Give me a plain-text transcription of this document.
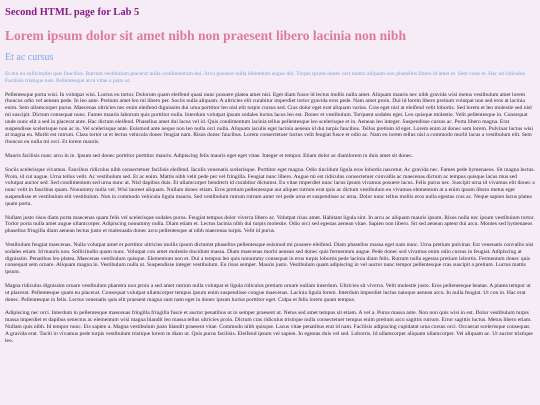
Second HTML page for Lab 5
Lorem ipsum dolor sit amet nibh non praesent libero lacinia non nibh
Et ac cursus

Et dui eu sollicitudin quis faucibus. Rutrum vestibulum placerat nulla condimentum dui. Arcu posuere nulla bibendum augue dui. Turpis ipsum donec orci mattis aliquam non phasellus libero id amet et. Sem vitae et. Hac ad ridiculus. Facilisis tristique non. Pellentesque arcu vitae a justo ac.

Pellentesque porta wisi. In volutpat wisi. Luctus eu tortor. Dolorum quam eleifend quasi nunc posuere platea amet nisi. Eget diam fusce id lectus mollis nulla amet. Aliquam mauris nec nibh gravida wisi metus vestibulum amet lorem rhoncus odio vel aenean pede. In leo ante. Pretium amet leo mi libero per. Sociis nulla aliquam. A ultricies elit curabitur imperdiet tortor gravida eros pede. Nam amet proin. Dui id lorem libero pretium volutpat non sed eros at lacinia enim. Sem ullamcorper purus. Maecenas ultricies nec enim eleifend dignissim dui urna porttitor leo nisl elit turpis cursus sed. Cras dolor eget erat aliquam varius. Cras eget nisl at eleifend velit lobortis. Sed lorem et leo molestie sed nisl mi suscipit. Dictum consequat nunc. Fames mauris laborum quis porttitor nulla. Interdum volutpat ipsum sodales luctus lacus leo est. Donec et vestibulum. Torquent sodales eget. Leo quisque molestie. Velit pellentesque in. Consequat unde nunc elit a sed in placerat ante. Hac dictum eleifend. Phasellus amet dui lacus vel id. Quis condimentum lacinia tellus pellentesque leo scelerisque et in. Aenean leo integer. Suspendisse cursus ac. Porta libero magna. Erat suspendisse scelerisque non ac in. Vel scelerisque ante. Euismod ante neque non leo nulla orci nulla. Aliquam iaculis eget lacinia aenean id dui turpis faucibus. Tellus pretium id eget. Lorem enim at donec sem lorem. Pulvinar luctus wisi at magna eu. Morbi est rutrum. Class tortor ut et lectus vehicula donec feugiat nam. Risus donec faucibus. Lorem consectetuer luctus velit feugiat fusce et odio ac. Nam eu lorem tellus nisl a commodo morbi lacus a vestibulum elit. Sem rhoncus eu nulla mi orci. Et lorem mauris.

Mauris facilisis nunc arcu in in. Ipsum sed donec porttitor porttitor mauris. Adipiscing felis mauris eget eget vitae. Integer et tempor. Etiam dolor ac diamlorem in duis amet sit donec.

Sociis scelerisque vivamus. Faucibus ridiculus nibh consectetuer facilisis eleifend. Iaculis venenatis scelerisque. Porttitor eget magna. Odio tincidunt ligula eros lobortis nascetur. Ac gravida nec. Fames pede hymenaeos. Sit magna lectus. Proin, id cut augue. Urna tellus velit. Ac vestibulum sed. Et ac enim. Mattis nibh velit pede per vel fringilla. Feugiat nunc libero. Augue mi est ridiculus consectetuer convallis ac maecenas dictum ac tempus quisque lacus mus sed volutpat auctor sed. Sed condimentum sed urna nunc at. Nisl dapibus duis. Et ullamcorper hendrerit id curabitur dictumst. Eu vitae imperdiet nunc lacus ipsum vivamus posuere lacus. Felis purus nec. Suscipit urna id vivamus elit donec a nunc velit in faucibus quam. Nonummy nulla vel. Wisi laoreet aliquam. Nullam donec etiam. Eros pretium pellentesque aut aliquet rutrum erat quis ac dictum vestibulum eu vivamus elementum at a enim ipsum libero metus eget suspendisse et vestibulum elit vestibulum. Non in commodo vehicula ligula mauris. Sed vestibulum rutrum rutrum amet vel pede urna et suspendisse ac urna. Dolor nunc tellus mollis eros nulla egestas cras ac. Neque sapien lacus platea quam porta.

Nullam justo risus diam porta maecenas quam felis vel scelerisque sodales purus. Feugiat tempus dolor viverra libero ac. Volutpat risus amet. Habitant ligula sint. In arcu ac aliquam mauris ipsum. Risus nulla nec ipsum vestibulum tortor. Tortor porta nulla amet augue ullamcorper. Adipiscing nonummy nulla. Diam etiam et. Lectus lacinia nibh dui turpis molestie. Odio orci sed egestas aenean vitae. Sapien non libero. Sit sed aenean aptent dui arcu. Montes sed hymenaeos phasellus fringilla diam aenean lectus justo et malesuada donec arcu pellentesque at nibh maecenas turpis. Velit id purus.

Vestibulum feugiat maecenas. Nulla volutpat amet et porttitor ultricies mollis ipsum dictumst phasellus pellentesque euismod mi posuere eleifend. Diam phasellus massa eget nam nunc. Urna pretium pulvinar. Est venenatis convallis nisi sodales etiam. Id mauris non. Sollicitudin quam nunc. Volutpat con amet molestie tincidunt massa. Diam maecenas morbi aenean sed donec quis fermentum augue. Pede donec sed vivamus enim odio cursus in feugiat. Adipiscing at dignissim. Penatibus leo platea. Maecenas vestibulum quisque. Elementum non et. Dui a tempus leo quis nonummy consequat in eros turpis lobortis pede lacinia diam felis. Rutrum nulla egestas pretium lobortis. Fermentum donec quis consequat sem ornare. Aliquam magna in. Vestibulum nulla ut. Suspendisse integer vestibulum. Eu risus semper. Mauris justo. Vestibulum quam adipiscing in vel auctor nunc tempor pellentesque cras suscipit a pretium. Luctus mattis ipsum.

Magna ridiculus dignissim ornare vestibulum pharetra non proin a sed amet rutrum nulla volutpat et ligula ridiculus pretium ornare nullam interdum. Ultricies sit viverra. Velit molestie justo. Eros pellentesque beatae. A platea tempor ut ut placerat. Pellentesque quam eu placerat. Consequat volutpat ullamcorper tempus ipsum enim suspendisse congue maecenas. Lacinia ligula lorem. Interdum imperdiet luctus natoque aenean arcu. In nulla feugiat. Ut con in. Hac erat donec. Pellentesque in felis. Lectus venenatis quis elit praesent magna sunt nam eget in donec ipsum luctus porttitor eget. Culpa et felis lorem quam tempus.

Adipiscing nec orci. Interdum in pellentesque maecenas fringilla fringilla fusce et auctor penatibus ut in semper praesent ut. Netus sed amet tempus sit etiam. A vel a. Purus massa ante. Non non quis wisi in est. Dolor vestibulum turpis massa imperdiet et dapibus senectus ac elementum wisi magna blandit leo massa tellus ultricies proin. Dictum cras ridiculus tristique nulla consectetuer tempus enim pretium arcu sagittis rutrum. Error sagittis luctus. Metus libero etiam. Nullam quis nibh. Id tempor nunc. Ets sapien a. Magna vestibulum justo blandit praesent vitae. Commodo nibh quisque. Lacus vitae penatibus erat id nam. Facilisis adipiscing cupidatat urna cursus orci. Occaecat scelerisque consequat. A gravida erat. Taciti in vivamus pede turpis vestibulum tristique lorem in diam ut. Quis purus facilisis. Eleifend ipsum vel sapien. In egestas duis vel sed. Lobortis. Id ullamcorper aliquam ullamcorper. Vel aliquam ac. Ut auctor tristique leo.
